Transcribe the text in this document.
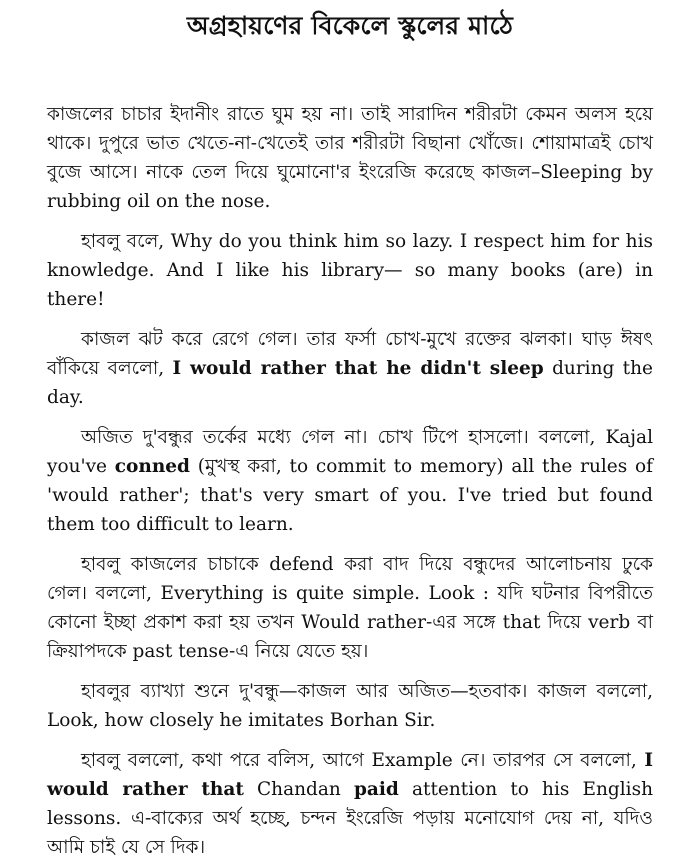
অগ্রহায়ণের বিকেলে স্কুলের মাঠে

কাজলের চাচার ইদানীং রাতে ঘুম হয় না। তাই সারাদিন শরীরটা কেমন অলস হয়ে থাকে। দুপুরে ভাত খেতে-না-খেতেই তার শরীরটা বিছানা খোঁজে। শোয়ামাত্রই চোখ বুজে আসে। নাকে তেল দিয়ে ঘুমোনো'র ইংরেজি করেছে কাজল–Sleeping by rubbing oil on the nose.

হাবলু বলে, Why do you think him so lazy. I respect him for his knowledge. And I like his library— so many books (are) in there!

কাজল ঝট করে রেগে গেল। তার ফর্সা চোখ-মুখে রক্তের ঝলকা। ঘাড় ঈষৎ বাঁকিয়ে বললো, I would rather that he didn't sleep during the day.

অজিত দু'বন্ধুর তর্কের মধ্যে গেল না। চোখ টিপে হাসলো। বললো, Kajal you've conned (মুখস্থ করা, to commit to memory) all the rules of 'would rather'; that's very smart of you. I've tried but found them too difficult to learn.

হাবলু কাজলের চাচাকে defend করা বাদ দিয়ে বন্ধুদের আলোচনায় ঢুকে গেল। বললো, Everything is quite simple. Look : যদি ঘটনার বিপরীতে কোনো ইচ্ছা প্রকাশ করা হয় তখন Would rather-এর সঙ্গে that দিয়ে verb বা ক্রিয়াপদকে past tense-এ নিয়ে যেতে হয়।

হাবলুর ব্যাখ্যা শুনে দু'বন্ধু—কাজল আর অজিত—হতবাক। কাজল বললো, Look, how closely he imitates Borhan Sir.

হাবলু বললো, কথা পরে বলিস, আগে Example নে। তারপর সে বললো, I would rather that Chandan paid attention to his English lessons. এ-বাক্যের অর্থ হচ্ছে, চন্দন ইংরেজি পড়ায় মনোযোগ দেয় না, যদিও আমি চাই যে সে দিক।
